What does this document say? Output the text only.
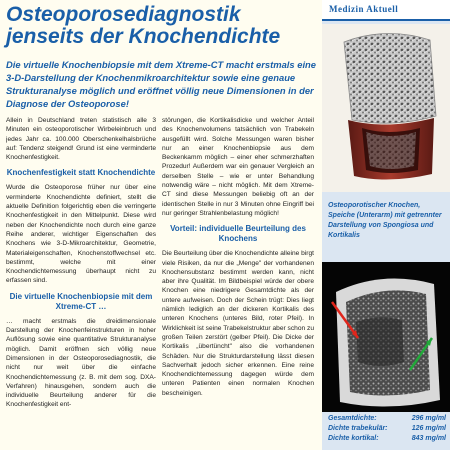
Osteoporosediagnostik
jenseits der Knochendichte
Die virtuelle Knochenbiopsie mit dem Xtreme-CT macht erstmals eine 3-D-Darstellung der Knochenmikroarchitektur sowie eine genaue Strukturanalyse möglich und eröffnet völlig neue Dimensionen in der Diagnose der Osteoporose!

Allein in Deutschland treten statistisch alle 3 Minuten ein osteoporotischer Wirbeleinbruch und jedes Jahr ca. 100.000 Oberschenkelhalsbrüche auf: Tendenz steigend! Grund ist eine verminderte Knochenfestigkeit.

Knochenfestigkeit statt Knochendichte

Wurde die Osteoporose früher nur über eine verminderte Knochendichte definiert, stellt die aktuelle Definition folgerichtig eben die verringerte Knochenfestigkeit in den Mittelpunkt. Diese wird neben der Knochendichte noch durch eine ganze Reihe anderer, wichtiger Eigenschaften des Knochens wie 3-D-Mikroarchitektur, Geometrie, Materialeigenschaften, Knochenstoffwechsel etc. bestimmt, welche mit einer Knochendichtemessung überhaupt nicht zu erfassen sind.

Die virtuelle Knochenbiopsie mit dem Xtreme-CT …

… macht erstmals die dreidimensionale Darstellung der Knochenfeinstrukturen in hoher Auflösung sowie eine quantitative Strukturanalyse möglich. Damit eröffnen sich völlig neue Dimensionen in der Osteoporosediagnostik, die nicht nur weit über die einfache Knochendichtemessung (z. B. mit dem sog. DXA-Verfahren) hinausgehen, sondern auch die individuelle Beurteilung anderer für die Knochenfestigkeit ent-

störungen, die Kortikalisdicke und welcher Anteil des Knochenvolumens tatsächlich von Trabekeln ausgefüllt wird. Solche Messungen waren bisher nur an einer Knochenbiopsie aus dem Beckenkamm möglich – einer eher schmerzhaften Prozedur! Außerdem war ein genauer Vergleich an derselben Stelle – wie er unter Behandlung notwendig wäre – nicht möglich. Mit dem Xtreme-CT sind diese Messungen beliebig oft an der identischen Stelle in nur 3 Minuten ohne Eingriff bei nur geringer Strahlenbelastung möglich!

Vorteil: individuelle Beurteilung des Knochens

Die Beurteilung über die Knochendichte alleine birgt viele Risiken, da nur die „Menge" der vorhandenen Knochensubstanz bestimmt werden kann, nicht aber ihre Qualität. Im Bildbeispiel würde der obere Knochen eine niedrigere Gesamtdichte als der untere aufweisen. Doch der Schein trügt: Dies liegt nämlich lediglich an der dickeren Kortikalis des unteren Knochens (unteres Bild, roter Pfeil). In Wirklichkeit ist seine Trabekelstruktur aber schon zu großen Teilen zerstört (gelber Pfeil). Die Dicke der Kortikalis „übertüncht" also die vorhandenen Schäden. Nur die Strukturdarstellung lässt diesen Sachverhalt jedoch sicher erkennen. Eine reine Knochendichtemessung dagegen würde dem unteren Patienten einen normalen Knochen bescheinigen.

Medizin Aktuell
Osteoporotischer Knochen, Speiche (Unterarm) mit getrennter Darstellung von Spongiosa und Kortikalis
Gesamtdichte:	296 mg/ml
Dichte trabekulär:	126 mg/ml
Dichte kortikal:	843 mg/ml
